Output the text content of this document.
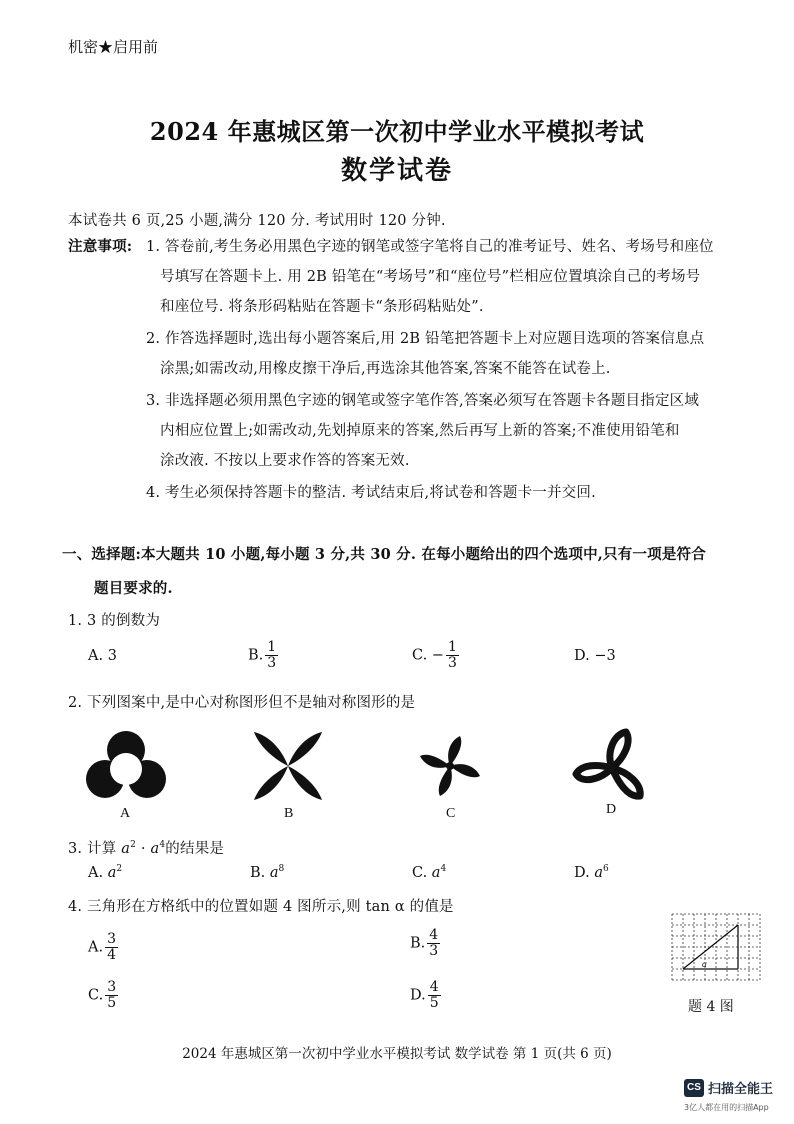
机密★启用前
2024 年惠城区第一次初中学业水平模拟考试
数学试卷
本试卷共 6 页,25 小题,满分 120 分. 考试用时 120 分钟.
注意事项: 1. 答卷前,考生务必用黑色字迹的钢笔或签字笔将自己的准考证号、姓名、考场号和座位
号填写在答题卡上. 用 2B 铅笔在“考场号”和“座位号”栏相应位置填涂自己的考场号
和座位号. 将条形码粘贴在答题卡“条形码粘贴处”.
2. 作答选择题时,选出每小题答案后,用 2B 铅笔把答题卡上对应题目选项的答案信息点
涂黑;如需改动,用橡皮擦干净后,再选涂其他答案,答案不能答在试卷上.
3. 非选择题必须用黑色字迹的钢笔或签字笔作答,答案必须写在答题卡各题目指定区域
内相应位置上;如需改动,先划掉原来的答案,然后再写上新的答案;不准使用铅笔和
涂改液. 不按以上要求作答的答案无效.
4. 考生必须保持答题卡的整洁. 考试结束后,将试卷和答题卡一并交回.
一、选择题:本大题共 10 小题,每小题 3 分,共 30 分. 在每小题给出的四个选项中,只有一项是符合
题目要求的.
1. 3 的倒数为
A. 3	B. $\frac{1}{3}$	C. − $\frac{1}{3}$	D. −3
2. 下列图案中,是中心对称图形但不是轴对称图形的是
A	B	C	D
3. 计算 $a^2 \cdot a^4$的结果是
A. $a^2$	B. $a^8$	C. $a^4$	D. $a^6$
4. 三角形在方格纸中的位置如题 4 图所示,则 tan α 的值是
A. $\frac{3}{4}$	B. $\frac{4}{3}$
C. $\frac{3}{5}$	D. $\frac{4}{5}$
α
题 4 图
2024 年惠城区第一次初中学业水平模拟考试 数学试卷 第 1 页(共 6 页)
CS 扫描全能王
3亿人都在用的扫描App
